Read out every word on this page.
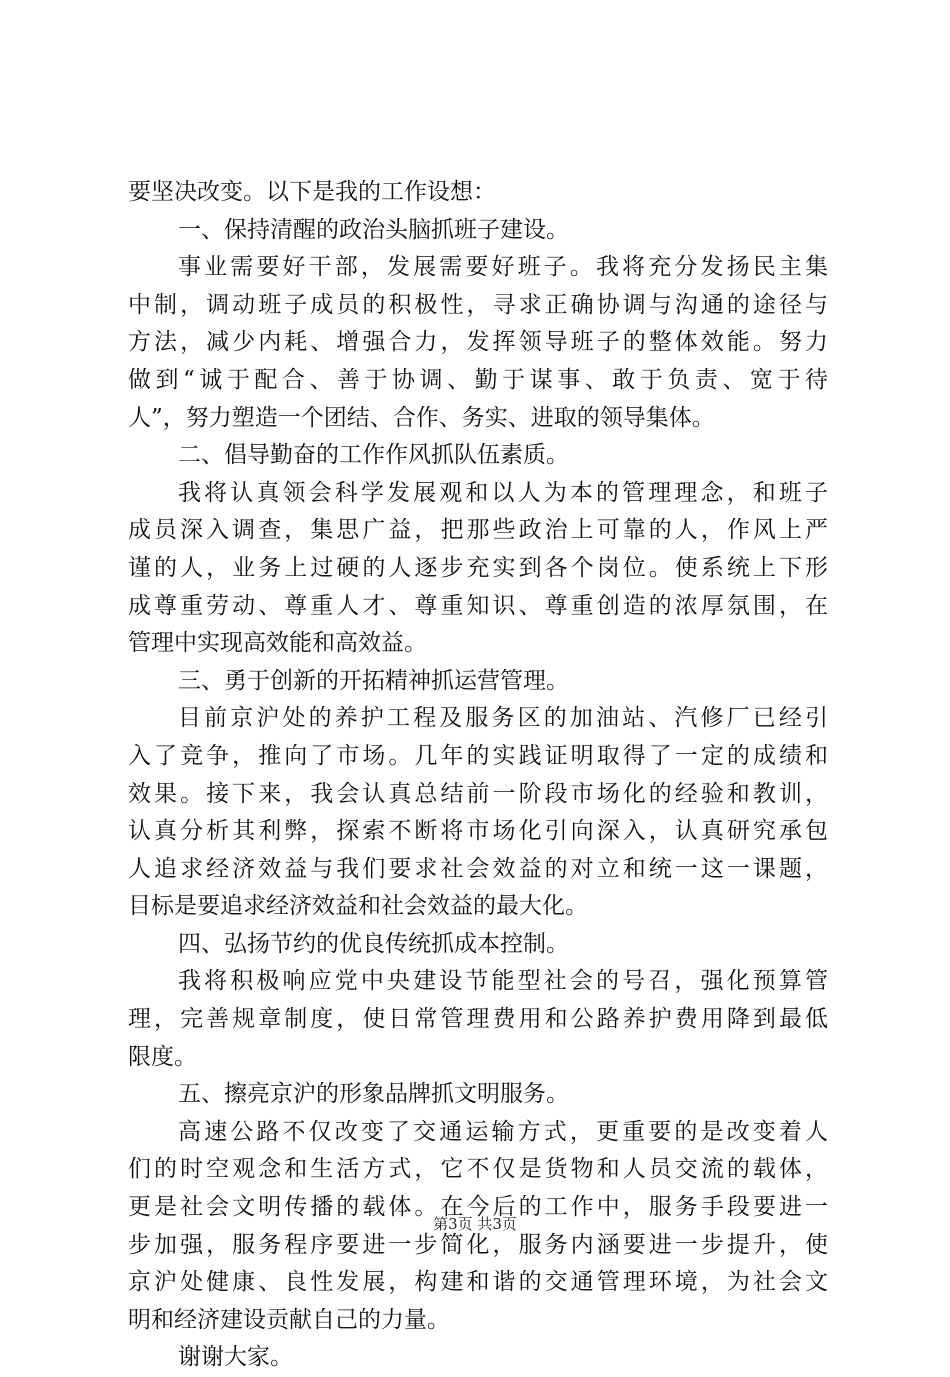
要坚决改变。以下是我的工作设想：
一、保持清醒的政治头脑抓班子建设。
事业需要好干部，发展需要好班子。我将充分发扬民主集
中制，调动班子成员的积极性，寻求正确协调与沟通的途径与
方法，减少内耗、增强合力，发挥领导班子的整体效能。努力
做到“诚于配合、善于协调、勤于谋事、敢于负责、宽于待
人”，努力塑造一个团结、合作、务实、进取的领导集体。
二、倡导勤奋的工作作风抓队伍素质。
我将认真领会科学发展观和以人为本的管理理念，和班子
成员深入调查，集思广益，把那些政治上可靠的人，作风上严
谨的人，业务上过硬的人逐步充实到各个岗位。使系统上下形
成尊重劳动、尊重人才、尊重知识、尊重创造的浓厚氛围，在
管理中实现高效能和高效益。
三、勇于创新的开拓精神抓运营管理。
目前京沪处的养护工程及服务区的加油站、汽修厂已经引
入了竞争，推向了市场。几年的实践证明取得了一定的成绩和
效果。接下来，我会认真总结前一阶段市场化的经验和教训，
认真分析其利弊，探索不断将市场化引向深入，认真研究承包
人追求经济效益与我们要求社会效益的对立和统一这一课题，
目标是要追求经济效益和社会效益的最大化。
四、弘扬节约的优良传统抓成本控制。
我将积极响应党中央建设节能型社会的号召，强化预算管
理，完善规章制度，使日常管理费用和公路养护费用降到最低
限度。
五、擦亮京沪的形象品牌抓文明服务。
高速公路不仅改变了交通运输方式，更重要的是改变着人
们的时空观念和生活方式，它不仅是货物和人员交流的载体，
更是社会文明传播的载体。在今后的工作中，服务手段要进一
步加强，服务程序要进一步简化，服务内涵要进一步提升，使
京沪处健康、良性发展，构建和谐的交通管理环境，为社会文
明和经济建设贡献自己的力量。
谢谢大家。
第3页 共3页
